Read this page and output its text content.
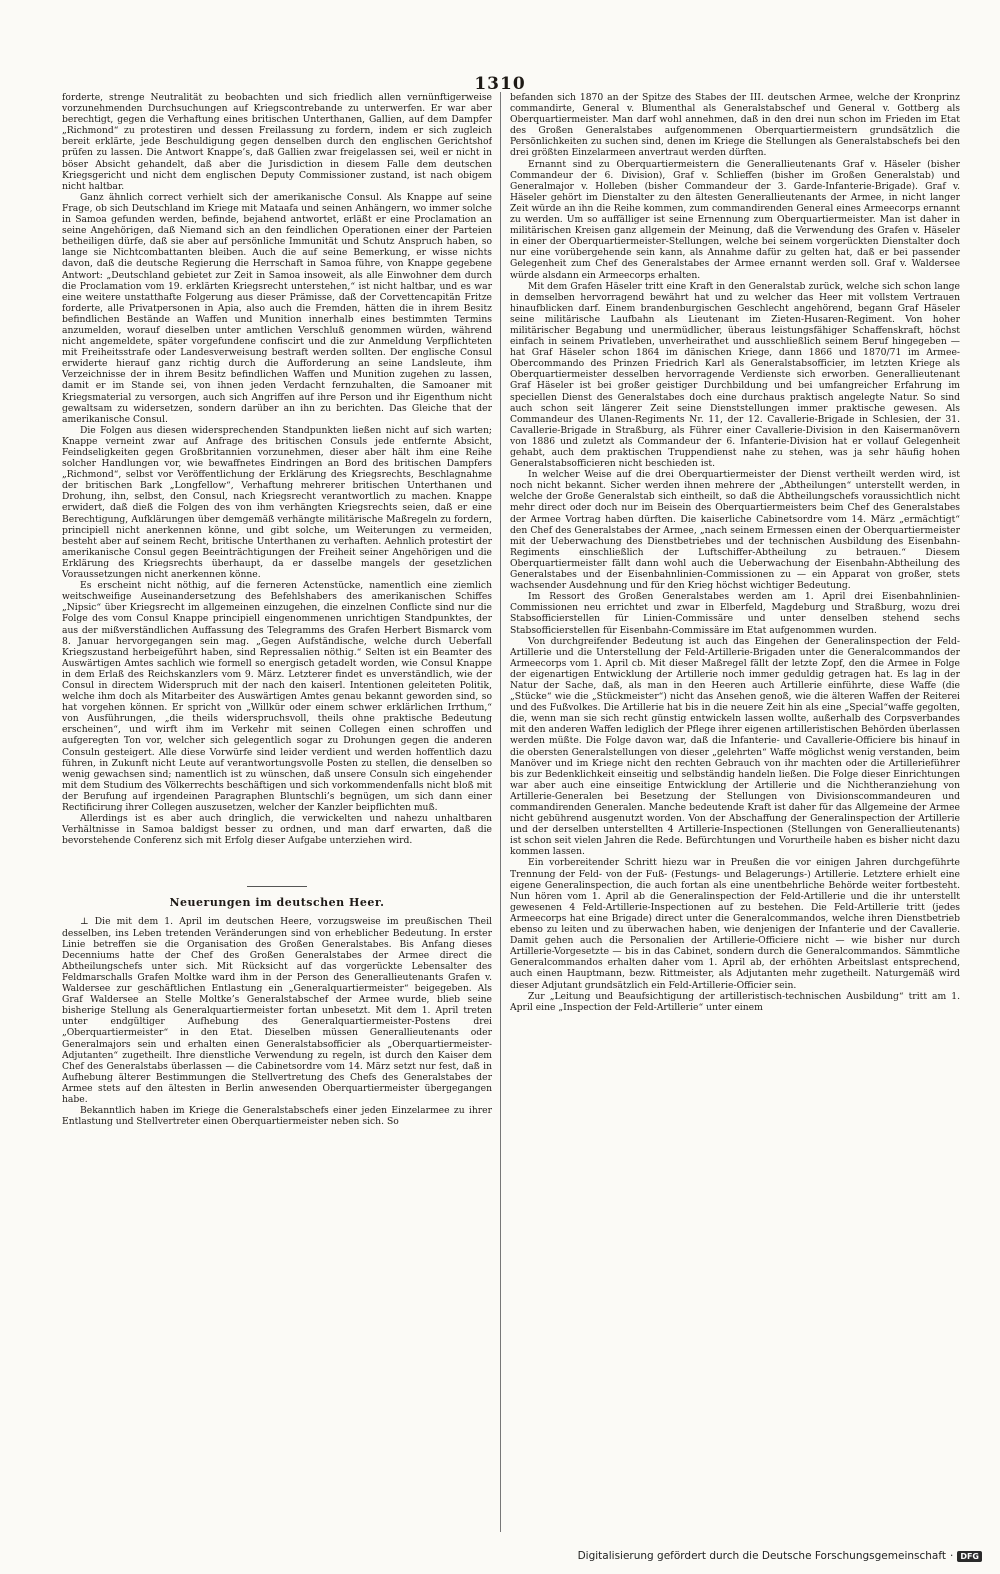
1310

forderte, strenge Neutralität zu beobachten und sich friedlich allen vernünftigerweise vorzunehmenden Durchsuchungen auf Kriegscontrebande zu unterwerfen. Er war aber berechtigt, gegen die Verhaftung eines britischen Unterthanen, Gallien, auf dem Dampfer „Richmond“ zu protestiren und dessen Freilassung zu fordern, indem er sich zugleich bereit erklärte, jede Beschuldigung gegen denselben durch den englischen Gerichtshof prüfen zu lassen. Die Antwort Knappe’s, daß Gallien zwar freigelassen sei, weil er nicht in böser Absicht gehandelt, daß aber die Jurisdiction in diesem Falle dem deutschen Kriegsgericht und nicht dem englischen Deputy Commissioner zustand, ist nach obigem nicht haltbar.

Ganz ähnlich correct verhielt sich der amerikanische Consul. Als Knappe auf seine Frage, ob sich Deutschland im Kriege mit Mataafa und seinen Anhängern, wo immer solche in Samoa gefunden werden, befinde, bejahend antwortet, erläßt er eine Proclamation an seine Angehörigen, daß Niemand sich an den feindlichen Operationen einer der Parteien betheiligen dürfe, daß sie aber auf persönliche Immunität und Schutz Anspruch haben, so lange sie Nichtcombattanten bleiben. Auch die auf seine Bemerkung, er wisse nichts davon, daß die deutsche Regierung die Herrschaft in Samoa führe, von Knappe gegebene Antwort: „Deutschland gebietet zur Zeit in Samoa insoweit, als alle Einwohner dem durch die Proclamation vom 19. erklärten Kriegsrecht unterstehen,“ ist nicht haltbar, und es war eine weitere unstatthafte Folgerung aus dieser Prämisse, daß der Corvettencapitän Fritze forderte, alle Privatpersonen in Apia, also auch die Fremden, hätten die in ihrem Besitz befindlichen Bestände an Waffen und Munition innerhalb eines bestimmten Termins anzumelden, worauf dieselben unter amtlichen Verschluß genommen würden, während nicht angemeldete, später vorgefundene confiscirt und die zur Anmeldung Verpflichteten mit Freiheitsstrafe oder Landesverweisung bestraft werden sollten. Der englische Consul erwiderte hierauf ganz richtig durch die Aufforderung an seine Landsleute, ihm Verzeichnisse der in ihrem Besitz befindlichen Waffen und Munition zugehen zu lassen, damit er im Stande sei, von ihnen jeden Verdacht fernzuhalten, die Samoaner mit Kriegsmaterial zu versorgen, auch sich Angriffen auf ihre Person und ihr Eigenthum nicht gewaltsam zu widersetzen, sondern darüber an ihn zu berichten. Das Gleiche that der amerikanische Consul.

Die Folgen aus diesen widersprechenden Standpunkten ließen nicht auf sich warten; Knappe verneint zwar auf Anfrage des britischen Consuls jede entfernte Absicht, Feindseligkeiten gegen Großbritannien vorzunehmen, dieser aber hält ihm eine Reihe solcher Handlungen vor, wie bewaffnetes Eindringen an Bord des britischen Dampfers „Richmond“, selbst vor Veröffentlichung der Erklärung des Kriegsrechts, Beschlagnahme der britischen Bark „Longfellow“, Verhaftung mehrerer britischen Unterthanen und Drohung, ihn, selbst, den Consul, nach Kriegsrecht verantwortlich zu machen. Knappe erwidert, daß dieß die Folgen des von ihm verhängten Kriegsrechts seien, daß er eine Berechtigung, Aufklärungen über demgemäß verhängte militärische Maßregeln zu fordern, principiell nicht anerkennen könne, und gibt solche, um Weiterungen zu vermeiden, besteht aber auf seinem Recht, britische Unterthanen zu verhaften. Aehnlich protestirt der amerikanische Consul gegen Beeinträchtigungen der Freiheit seiner Angehörigen und die Erklärung des Kriegsrechts überhaupt, da er dasselbe mangels der gesetzlichen Voraussetzungen nicht anerkennen könne.

Es erscheint nicht nöthig, auf die ferneren Actenstücke, namentlich eine ziemlich weitschweifige Auseinandersetzung des Befehlshabers des amerikanischen Schiffes „Nipsic“ über Kriegsrecht im allgemeinen einzugehen, die einzelnen Conflicte sind nur die Folge des vom Consul Knappe principiell eingenommenen unrichtigen Standpunktes, der aus der mißverständlichen Auffassung des Telegramms des Grafen Herbert Bismarck vom 8. Januar hervorgegangen sein mag. „Gegen Aufständische, welche durch Ueberfall Kriegszustand herbeigeführt haben, sind Repressalien nöthig.“ Selten ist ein Beamter des Auswärtigen Amtes sachlich wie formell so energisch getadelt worden, wie Consul Knappe in dem Erlaß des Reichskanzlers vom 9. März. Letzterer findet es unverständlich, wie der Consul in directem Widerspruch mit der nach den kaiserl. Intentionen geleiteten Politik, welche ihm doch als Mitarbeiter des Auswärtigen Amtes genau bekannt geworden sind, so hat vorgehen können. Er spricht von „Willkür oder einem schwer erklärlichen Irrthum,“ von Ausführungen, „die theils widerspruchsvoll, theils ohne praktische Bedeutung erscheinen“, und wirft ihm im Verkehr mit seinen Collegen einen schroffen und aufgeregten Ton vor, welcher sich gelegentlich sogar zu Drohungen gegen die anderen Consuln gesteigert. Alle diese Vorwürfe sind leider verdient und werden hoffentlich dazu führen, in Zukunft nicht Leute auf verantwortungsvolle Posten zu stellen, die denselben so wenig gewachsen sind; namentlich ist zu wünschen, daß unsere Consuln sich eingehender mit dem Studium des Völkerrechts beschäftigen und sich vorkommendenfalls nicht bloß mit der Berufung auf irgendeinen Paragraphen Bluntschli’s begnügen, um sich dann einer Rectificirung ihrer Collegen auszusetzen, welcher der Kanzler beipflichten muß.

Allerdings ist es aber auch dringlich, die verwickelten und nahezu unhaltbaren Verhältnisse in Samoa baldigst besser zu ordnen, und man darf erwarten, daß die bevorstehende Conferenz sich mit Erfolg dieser Aufgabe unterziehen wird.

Neuerungen im deutschen Heer.

⊥ Die mit dem 1. April im deutschen Heere, vorzugsweise im preußischen Theil desselben, ins Leben tretenden Veränderungen sind von erheblicher Bedeutung. In erster Linie betreffen sie die Organisation des Großen Generalstabes. Bis Anfang dieses Decenniums hatte der Chef des Großen Generalstabes der Armee direct die Abtheilungschefs unter sich. Mit Rücksicht auf das vorgerückte Lebensalter des Feldmarschalls Grafen Moltke ward ihm in der Person des Generallieutenants Grafen v. Waldersee zur geschäftlichen Entlastung ein „Generalquartiermeister“ beigegeben. Als Graf Waldersee an Stelle Moltke’s Generalstabschef der Armee wurde, blieb seine bisherige Stellung als Generalquartiermeister fortan unbesetzt. Mit dem 1. April treten unter endgültiger Aufhebung des Generalquartiermeister-Postens drei „Oberquartiermeister“ in den Etat. Dieselben müssen Generallieutenants oder Generalmajors sein und erhalten einen Generalstabsofficier als „Oberquartiermeister-Adjutanten“ zugetheilt. Ihre dienstliche Verwendung zu regeln, ist durch den Kaiser dem Chef des Generalstabs überlassen — die Cabinetsordre vom 14. März setzt nur fest, daß in Aufhebung älterer Bestimmungen die Stellvertretung des Chefs des Generalstabes der Armee stets auf den ältesten in Berlin anwesenden Oberquartiermeister übergegangen habe.

Bekanntlich haben im Kriege die Generalstabschefs einer jeden Einzelarmee zu ihrer Entlastung und Stellvertreter einen Oberquartiermeister neben sich. So

befanden sich 1870 an der Spitze des Stabes der III. deutschen Armee, welche der Kronprinz commandirte, General v. Blumenthal als Generalstabschef und General v. Gottberg als Oberquartiermeister. Man darf wohl annehmen, daß in den drei nun schon im Frieden im Etat des Großen Generalstabes aufgenommenen Oberquartiermeistern grundsätzlich die Persönlichkeiten zu suchen sind, denen im Kriege die Stellungen als Generalstabschefs bei den drei größten Einzelarmeen anvertraut werden dürften.

Ernannt sind zu Oberquartiermeistern die Generallieutenants Graf v. Häseler (bisher Commandeur der 6. Division), Graf v. Schlieffen (bisher im Großen Generalstab) und Generalmajor v. Holleben (bisher Commandeur der 3. Garde-Infanterie-Brigade). Graf v. Häseler gehört im Dienstalter zu den ältesten Generallieutenants der Armee, in nicht langer Zeit würde an ihn die Reihe kommen, zum commandirenden General eines Armeecorps ernannt zu werden. Um so auffälliger ist seine Ernennung zum Oberquartiermeister. Man ist daher in militärischen Kreisen ganz allgemein der Meinung, daß die Verwendung des Grafen v. Häseler in einer der Oberquartiermeister-Stellungen, welche bei seinem vorgerückten Dienstalter doch nur eine vorübergehende sein kann, als Annahme dafür zu gelten hat, daß er bei passender Gelegenheit zum Chef des Generalstabes der Armee ernannt werden soll. Graf v. Waldersee würde alsdann ein Armeecorps erhalten.

Mit dem Grafen Häseler tritt eine Kraft in den Generalstab zurück, welche sich schon lange in demselben hervorragend bewährt hat und zu welcher das Heer mit vollstem Vertrauen hinaufblicken darf. Einem brandenburgischen Geschlecht angehörend, begann Graf Häseler seine militärische Laufbahn als Lieutenant im Zieten-Husaren-Regiment. Von hoher militärischer Begabung und unermüdlicher, überaus leistungsfähiger Schaffenskraft, höchst einfach in seinem Privatleben, unverheirathet und ausschließlich seinem Beruf hingegeben — hat Graf Häseler schon 1864 im dänischen Kriege, dann 1866 und 1870/71 im Armee-Obercommando des Prinzen Friedrich Karl als Generalstabsofficier, im letzten Kriege als Oberquartiermeister desselben hervorragende Verdienste sich erworben. Generallieutenant Graf Häseler ist bei großer geistiger Durchbildung und bei umfangreicher Erfahrung im speciellen Dienst des Generalstabes doch eine durchaus praktisch angelegte Natur. So sind auch schon seit längerer Zeit seine Dienststellungen immer praktische gewesen. Als Commandeur des Ulanen-Regiments Nr. 11, der 12. Cavallerie-Brigade in Schlesien, der 31. Cavallerie-Brigade in Straßburg, als Führer einer Cavallerie-Division in den Kaisermanövern von 1886 und zuletzt als Commandeur der 6. Infanterie-Division hat er vollauf Gelegenheit gehabt, auch dem praktischen Truppendienst nahe zu stehen, was ja sehr häufig hohen Generalstabsofficieren nicht beschieden ist.

In welcher Weise auf die drei Oberquartiermeister der Dienst vertheilt werden wird, ist noch nicht bekannt. Sicher werden ihnen mehrere der „Abtheilungen“ unterstellt werden, in welche der Große Generalstab sich eintheilt, so daß die Abtheilungschefs voraussichtlich nicht mehr direct oder doch nur im Beisein des Oberquartiermeisters beim Chef des Generalstabes der Armee Vortrag haben dürften. Die kaiserliche Cabinetsordre vom 14. März „ermächtigt“ den Chef des Generalstabes der Armee, „nach seinem Ermessen einen der Oberquartiermeister mit der Ueberwachung des Dienstbetriebes und der technischen Ausbildung des Eisenbahn-Regiments einschließlich der Luftschiffer-Abtheilung zu betrauen.“ Diesem Oberquartiermeister fällt dann wohl auch die Ueberwachung der Eisenbahn-Abtheilung des Generalstabes und der Eisenbahnlinien-Commissionen zu — ein Apparat von großer, stets wachsender Ausdehnung und für den Krieg höchst wichtiger Bedeutung.

Im Ressort des Großen Generalstabes werden am 1. April drei Eisenbahnlinien-Commissionen neu errichtet und zwar in Elberfeld, Magdeburg und Straßburg, wozu drei Stabsofficierstellen für Linien-Commissäre und unter denselben stehend sechs Stabsofficierstellen für Eisenbahn-Commissäre im Etat aufgenommen wurden.

Von durchgreifender Bedeutung ist auch das Eingehen der Generalinspection der Feld-Artillerie und die Unterstellung der Feld-Artillerie-Brigaden unter die Generalcommandos der Armeecorps vom 1. April cb. Mit dieser Maßregel fällt der letzte Zopf, den die Armee in Folge der eigenartigen Entwicklung der Artillerie noch immer geduldig getragen hat. Es lag in der Natur der Sache, daß, als man in den Heeren auch Artillerie einführte, diese Waffe (die „Stücke“ wie die „Stückmeister“) nicht das Ansehen genoß, wie die älteren Waffen der Reiterei und des Fußvolkes. Die Artillerie hat bis in die neuere Zeit hin als eine „Special“waffe gegolten, die, wenn man sie sich recht günstig entwickeln lassen wollte, außerhalb des Corpsverbandes mit den anderen Waffen lediglich der Pflege ihrer eigenen artilleristischen Behörden überlassen werden müßte. Die Folge davon war, daß die Infanterie- und Cavallerie-Officiere bis hinauf in die obersten Generalstellungen von dieser „gelehrten“ Waffe möglichst wenig verstanden, beim Manöver und im Kriege nicht den rechten Gebrauch von ihr machten oder die Artillerieführer bis zur Bedenklichkeit einseitig und selbständig handeln ließen. Die Folge dieser Einrichtungen war aber auch eine einseitige Entwicklung der Artillerie und die Nichtheranziehung von Artillerie-Generalen bei Besetzung der Stellungen von Divisionscommandeuren und commandirenden Generalen. Manche bedeutende Kraft ist daher für das Allgemeine der Armee nicht gebührend ausgenutzt worden. Von der Abschaffung der Generalinspection der Artillerie und der derselben unterstellten 4 Artillerie-Inspectionen (Stellungen von Generallieutenants) ist schon seit vielen Jahren die Rede. Befürchtungen und Vorurtheile haben es bisher nicht dazu kommen lassen.

Ein vorbereitender Schritt hiezu war in Preußen die vor einigen Jahren durchgeführte Trennung der Feld- von der Fuß- (Festungs- und Belagerungs-) Artillerie. Letztere erhielt eine eigene Generalinspection, die auch fortan als eine unentbehrliche Behörde weiter fortbesteht. Nun hören vom 1. April ab die Generalinspection der Feld-Artillerie und die ihr unterstellt gewesenen 4 Feld-Artillerie-Inspectionen auf zu bestehen. Die Feld-Artillerie tritt (jedes Armeecorps hat eine Brigade) direct unter die Generalcommandos, welche ihren Dienstbetrieb ebenso zu leiten und zu überwachen haben, wie denjenigen der Infanterie und der Cavallerie. Damit gehen auch die Personalien der Artillerie-Officiere nicht — wie bisher nur durch Artillerie-Vorgesetzte — bis in das Cabinet, sondern durch die Generalcommandos. Sämmtliche Generalcommandos erhalten daher vom 1. April ab, der erhöhten Arbeitslast entsprechend, auch einen Hauptmann, bezw. Rittmeister, als Adjutanten mehr zugetheilt. Naturgemäß wird dieser Adjutant grundsätzlich ein Feld-Artillerie-Officier sein.

Zur „Leitung und Beaufsichtigung der artilleristisch-technischen Ausbildung“ tritt am 1. April eine „Inspection der Feld-Artillerie“ unter einem

Digitalisierung gefördert durch die Deutsche Forschungsgemeinschaft · DFG
